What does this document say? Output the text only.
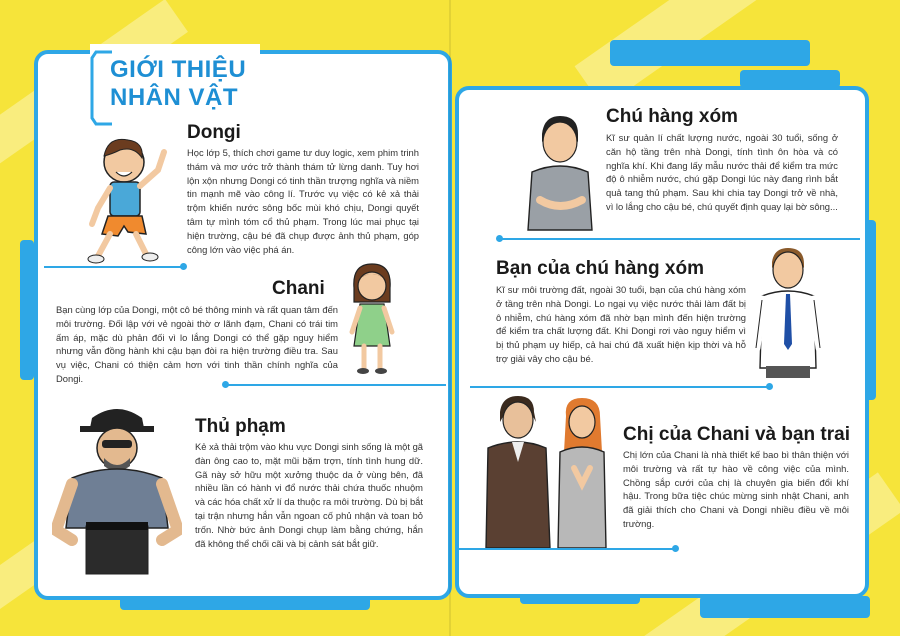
GIỚI THIỆU
NHÂN VẬT
Dongi

Học lớp 5, thích chơi game tư duy logic, xem phim trinh thám và mơ ước trở thành thám tử lừng danh. Tuy hơi lộn xộn nhưng Dongi có tinh thần trượng nghĩa và niềm tin mạnh mẽ vào công lí. Trước vụ việc có kẻ xả thải trộm khiến nước sông bốc mùi khó chịu, Dongi quyết tâm tự mình tóm cổ thủ phạm. Trong lúc mai phục tại hiện trường, cậu bé đã chụp được ảnh thủ phạm, góp công lớn vào việc phá án.

Chani

Bạn cùng lớp của Dongi, một cô bé thông minh và rất quan tâm đến môi trường. Đối lập với vẻ ngoài thờ ơ lãnh đạm, Chani có trái tim ấm áp, mặc dù phản đối vì lo lắng Dongi có thể gặp nguy hiểm nhưng vẫn đồng hành khi cậu bạn đòi ra hiện trường điều tra. Sau vụ việc, Chani có thiện cảm hơn với tinh thần chính nghĩa của Dongi.

Thủ phạm

Kẻ xả thải trộm vào khu vực Dongi sinh sống là một gã đàn ông cao to, mặt mũi bặm trợn, tính tình hung dữ. Gã này sở hữu một xưởng thuộc da ở vùng bên, đã nhiều lần có hành vi đổ nước thải chứa thuốc nhuộm và các hóa chất xử lí da thuộc ra môi trường. Dù bị bắt tại trận nhưng hắn vẫn ngoan cố phủ nhận và toan bỏ trốn. Nhờ bức ảnh Dongi chụp làm bằng chứng, hắn đã không thể chối cãi và bị cảnh sát bắt giữ.

Chú hàng xóm

Kĩ sư quản lí chất lượng nước, ngoài 30 tuổi, sống ở căn hộ tầng trên nhà Dongi, tính tình ôn hòa và có nghĩa khí. Khi đang lấy mẫu nước thải để kiểm tra mức độ ô nhiễm nước, chú gặp Dongi lúc này đang rình bắt quả tang thủ phạm. Sau khi chia tay Dongi trở về nhà, vì lo lắng cho cậu bé, chú quyết định quay lại bờ sông...

Bạn của chú hàng xóm

Kĩ sư môi trường đất, ngoài 30 tuổi, bạn của chú hàng xóm ở tầng trên nhà Dongi. Lo ngại vụ việc nước thải làm đất bị ô nhiễm, chú hàng xóm đã nhờ bạn mình đến hiện trường để kiểm tra chất lượng đất. Khi Dongi rơi vào nguy hiểm vì bị thủ phạm uy hiếp, cả hai chú đã xuất hiện kịp thời và hỗ trợ giải vây cho cậu bé.

Chị của Chani và bạn trai

Chị lớn của Chani là nhà thiết kế bao bì thân thiện với môi trường và rất tự hào về công việc của mình. Chồng sắp cưới của chị là chuyên gia biến đổi khí hậu. Trong bữa tiệc chúc mừng sinh nhật Chani, anh đã giải thích cho Chani và Dongi nhiều điều về môi trường.
